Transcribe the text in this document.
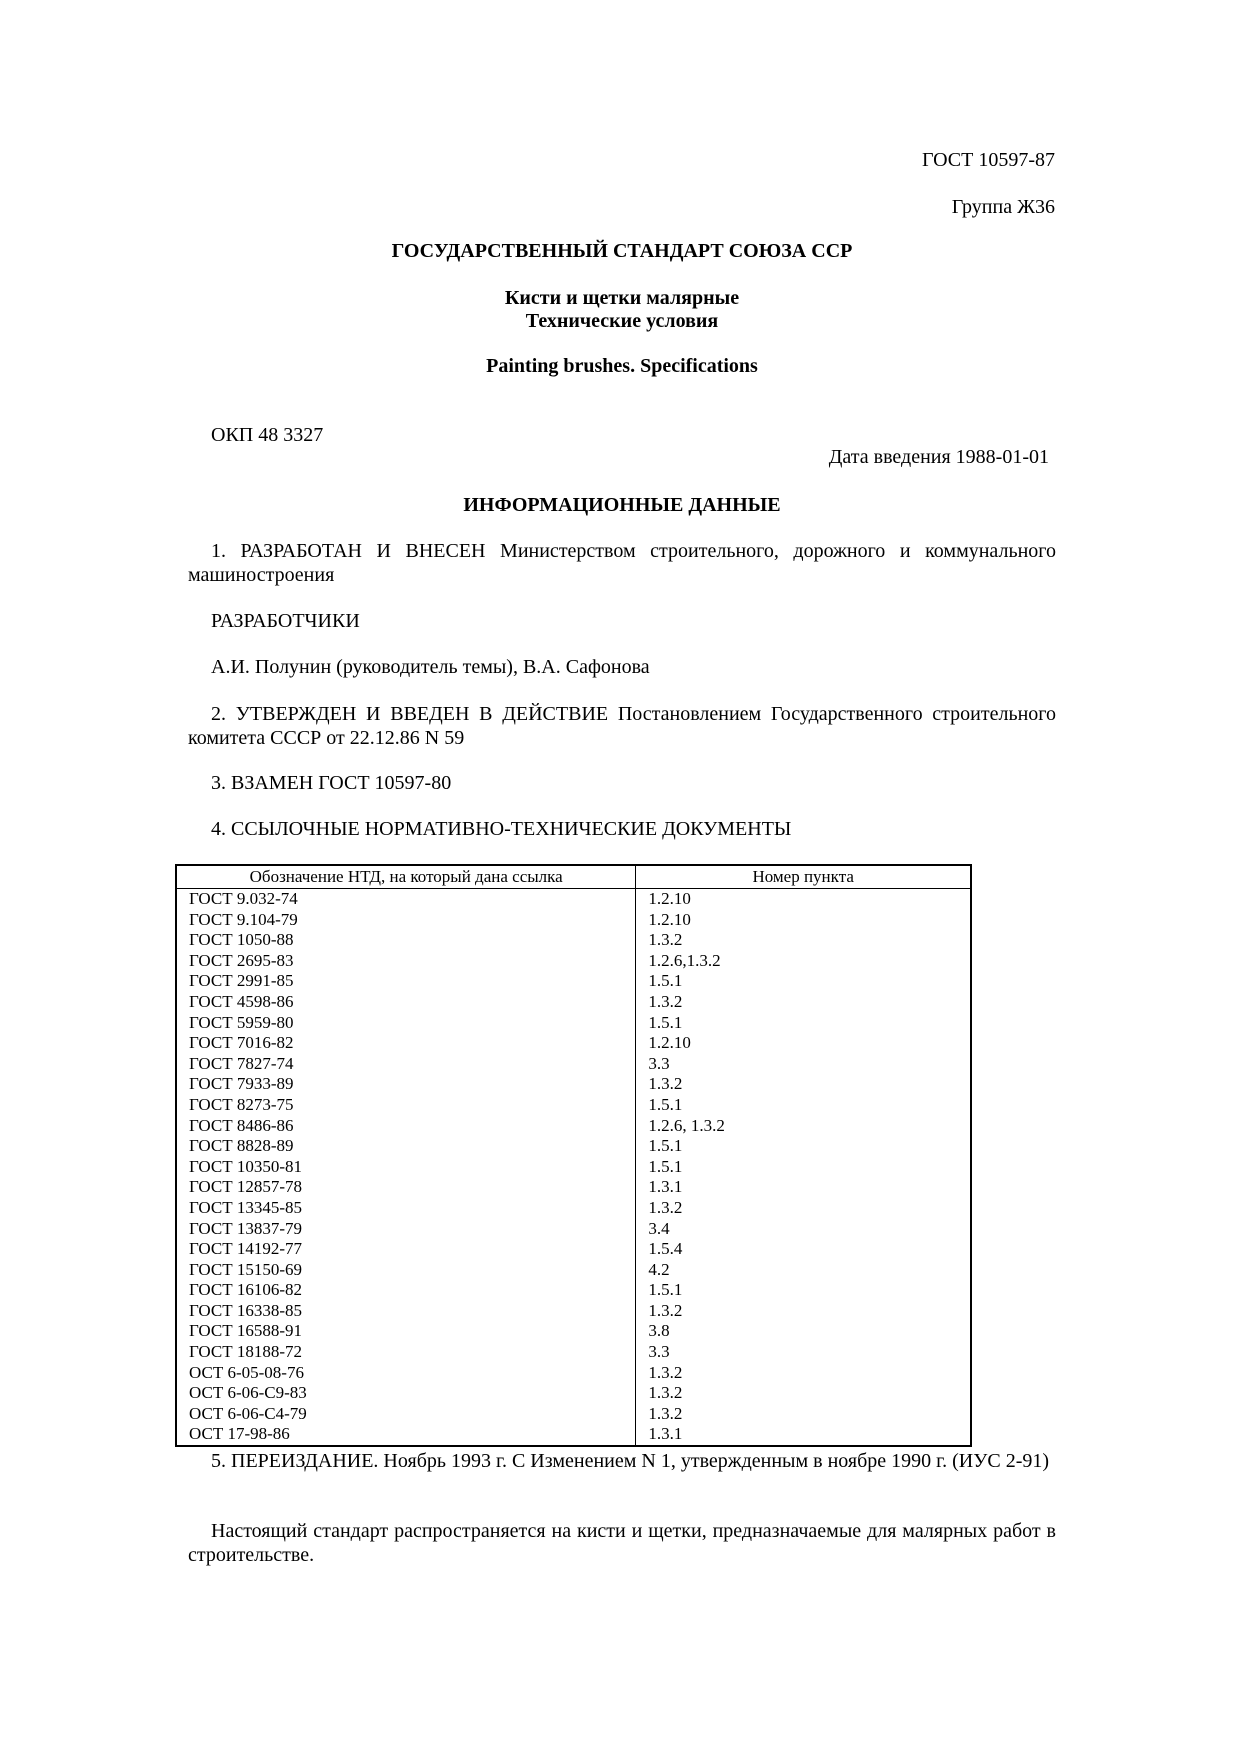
ГОСТ 10597-87
Группа Ж36
ГОСУДАРСТВЕННЫЙ СТАНДАРТ СОЮЗА ССР
Кисти и щетки малярные
Технические условия
Painting brushes. Specifications
ОКП 48 3327
Дата введения 1988-01-01
ИНФОРМАЦИОННЫЕ ДАННЫЕ
1. РАЗРАБОТАН И ВНЕСЕН Министерством строительного, дорожного и коммунального машиностроения
РАЗРАБОТЧИКИ
А.И. Полунин (руководитель темы), В.А. Сафонова
2. УТВЕРЖДЕН И ВВЕДЕН В ДЕЙСТВИЕ Постановлением Государственного строительного комитета СССР от 22.12.86 N 59
3. ВЗАМЕН ГОСТ 10597-80
4. ССЫЛОЧНЫЕ НОРМАТИВНО-ТЕХНИЧЕСКИЕ ДОКУМЕНТЫ
Обозначение НТД, на который дана ссылка	Номер пункта
ГОСТ 9.032-74	1.2.10
ГОСТ 9.104-79	1.2.10
ГОСТ 1050-88	1.3.2
ГОСТ 2695-83	1.2.6,1.3.2
ГОСТ 2991-85	1.5.1
ГОСТ 4598-86	1.3.2
ГОСТ 5959-80	1.5.1
ГОСТ 7016-82	1.2.10
ГОСТ 7827-74	3.3
ГОСТ 7933-89	1.3.2
ГОСТ 8273-75	1.5.1
ГОСТ 8486-86	1.2.6, 1.3.2
ГОСТ 8828-89	1.5.1
ГОСТ 10350-81	1.5.1
ГОСТ 12857-78	1.3.1
ГОСТ 13345-85	1.3.2
ГОСТ 13837-79	3.4
ГОСТ 14192-77	1.5.4
ГОСТ 15150-69	4.2
ГОСТ 16106-82	1.5.1
ГОСТ 16338-85	1.3.2
ГОСТ 16588-91	3.8
ГОСТ 18188-72	3.3
ОСТ 6-05-08-76	1.3.2
ОСТ 6-06-С9-83	1.3.2
ОСТ 6-06-С4-79	1.3.2
ОСТ 17-98-86	1.3.1
5. ПЕРЕИЗДАНИЕ. Ноябрь 1993 г. С Изменением N 1, утвержденным в ноябре 1990 г. (ИУС 2-91)
Настоящий стандарт распространяется на кисти и щетки, предназначаемые для малярных работ в строительстве.
